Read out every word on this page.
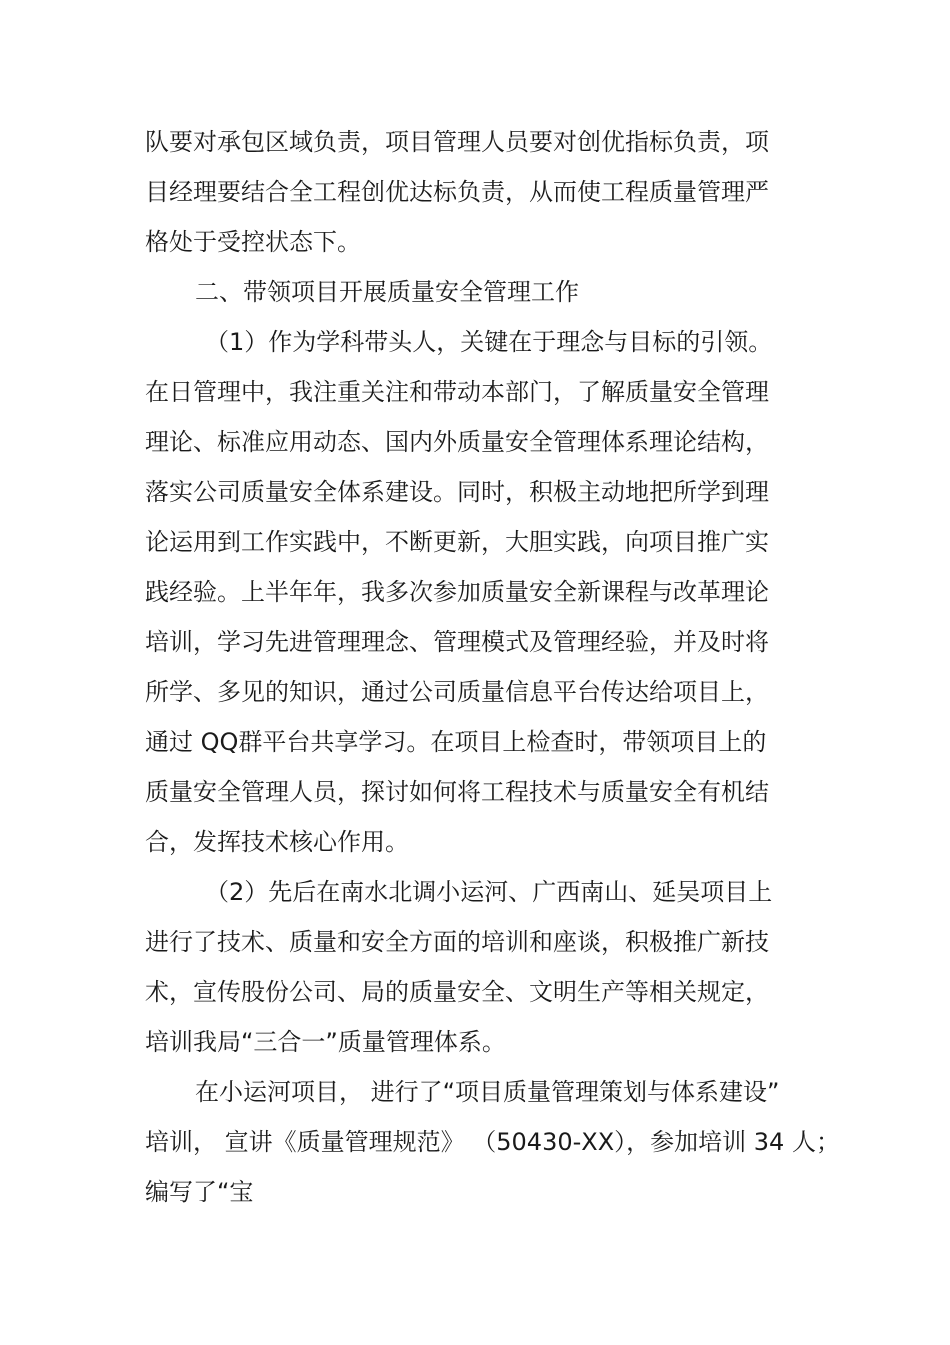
队要对承包区域负责，项目管理人员要对创优指标负责，项
目经理要结合全工程创优达标负责，从而使工程质量管理严
格处于受控状态下。
二、带领项目开展质量安全管理工作
（1）作为学科带头人，关键在于理念与目标的引领。
在日管理中，我注重关注和带动本部门，了解质量安全管理
理论、标准应用动态、国内外质量安全管理体系理论结构，
落实公司质量安全体系建设。同时，积极主动地把所学到理
论运用到工作实践中，不断更新，大胆实践，向项目推广实
践经验。上半年年，我多次参加质量安全新课程与改革理论
培训，学习先进管理理念、管理模式及管理经验，并及时将
所学、多见的知识，通过公司质量信息平台传达给项目上，
通过 QQ群平台共享学习。在项目上检查时，带领项目上的
质量安全管理人员，探讨如何将工程技术与质量安全有机结
合，发挥技术核心作用。
（2）先后在南水北调小运河、广西南山、延吴项目上
进行了技术、质量和安全方面的培训和座谈，积极推广新技
术，宣传股份公司、局的质量安全、文明生产等相关规定，
培训我局“三合一”质量管理体系。
在小运河项目， 进行了“项目质量管理策划与体系建设”
培训， 宣讲《质量管理规范》 （50430-XX），参加培训 34 人；
编写了“宝
